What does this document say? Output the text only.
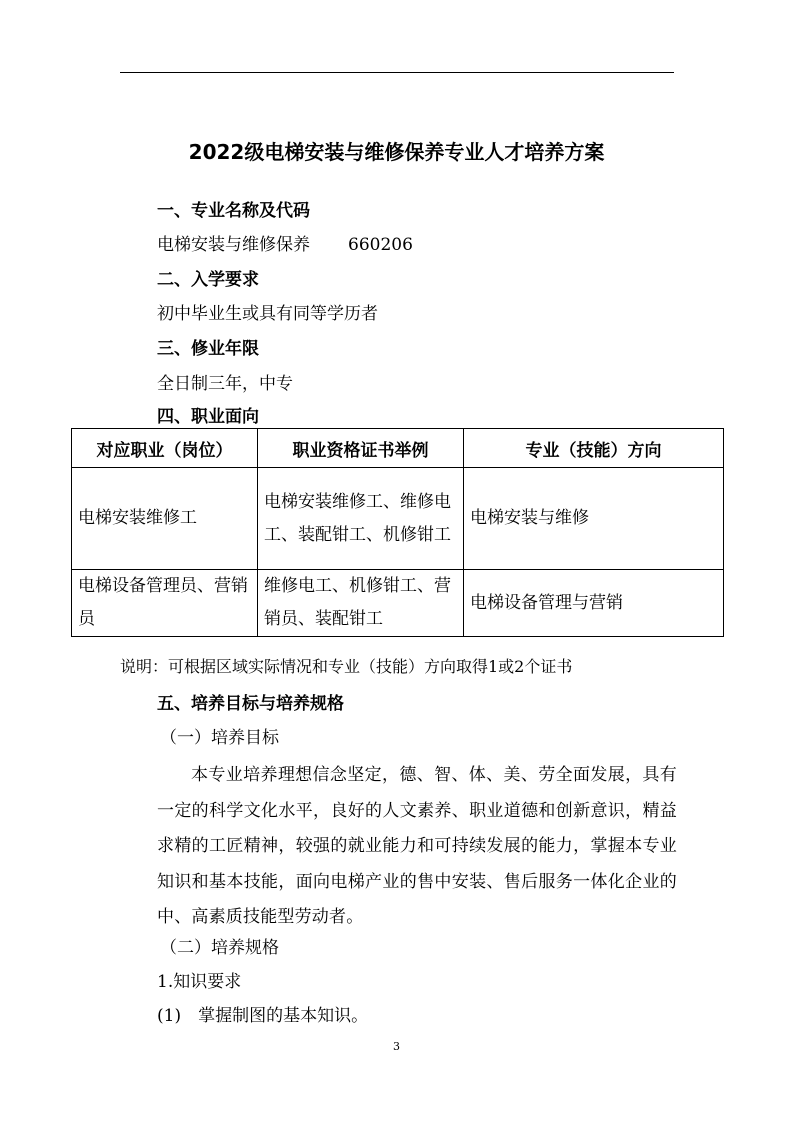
2022级电梯安装与维修保养专业人才培养方案
一、专业名称及代码
电梯安装与维修保养 660206
二、入学要求
初中毕业生或具有同等学历者
三、修业年限
全日制三年，中专
四、职业面向
对应职业（岗位）	职业资格证书举例	专业（技能）方向
电梯安装维修工	电梯安装维修工、维修电工、装配钳工、机修钳工	电梯安装与维修
电梯设备管理员、营销员	维修电工、机修钳工、营销员、装配钳工	电梯设备管理与营销
说明：可根据区域实际情况和专业（技能）方向取得1或2个证书
五、培养目标与培养规格
（一）培养目标
本专业培养理想信念坚定，德、智、体、美、劳全面发展，具有一定的科学文化水平，良好的人文素养、职业道德和创新意识，精益求精的工匠精神，较强的就业能力和可持续发展的能力，掌握本专业知识和基本技能，面向电梯产业的售中安装、售后服务一体化企业的中、高素质技能型劳动者。
（二）培养规格
1.知识要求
(1)　掌握制图的基本知识。
3
